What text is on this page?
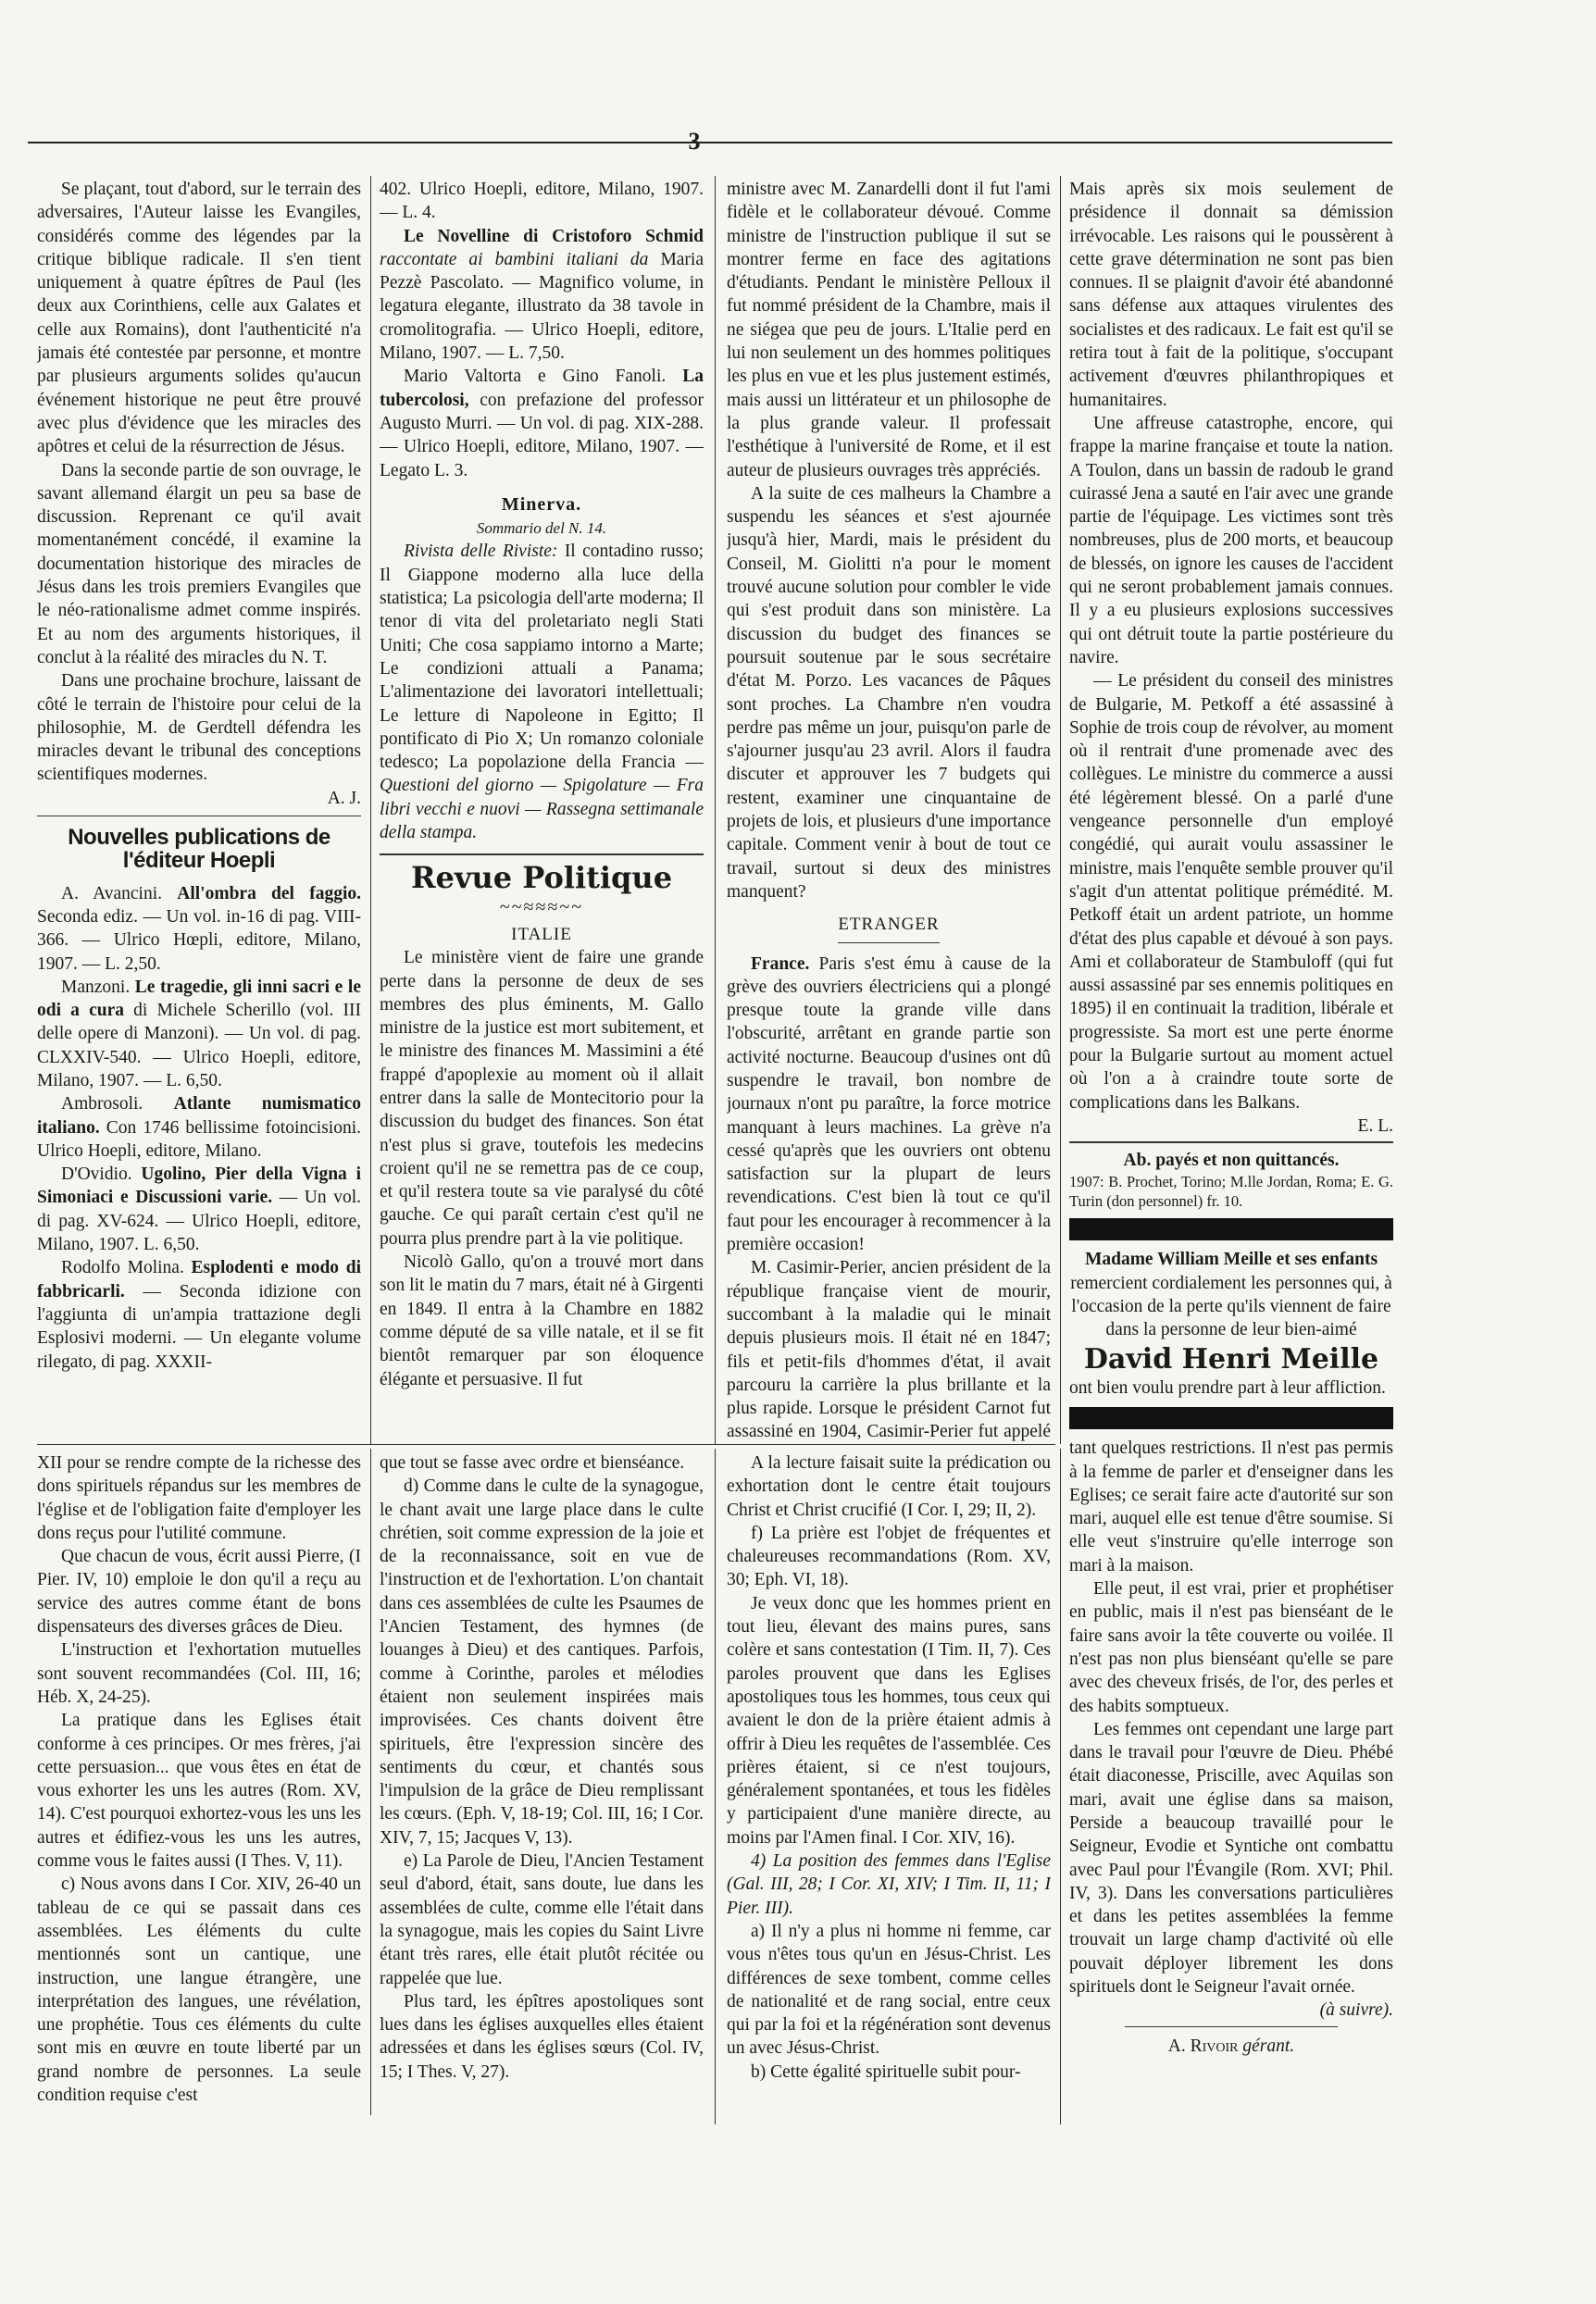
3

Se plaçant, tout d'abord, sur le terrain des adversaires, l'Auteur laisse les Evangiles, considérés comme des légendes par la critique biblique radicale. Il s'en tient uniquement à quatre épîtres de Paul (les deux aux Corinthiens, celle aux Galates et celle aux Romains), dont l'authenticité n'a jamais été contestée par personne, et montre par plusieurs arguments solides qu'aucun événement historique ne peut être prouvé avec plus d'évidence que les miracles des apôtres et celui de la résurrection de Jésus.

Dans la seconde partie de son ouvrage, le savant allemand élargit un peu sa base de discussion. Reprenant ce qu'il avait momentanément concédé, il examine la documentation historique des miracles de Jésus dans les trois premiers Evangiles que le néo-rationalisme admet comme inspirés. Et au nom des arguments historiques, il conclut à la réalité des miracles du N. T.

Dans une prochaine brochure, laissant de côté le terrain de l'histoire pour celui de la philosophie, M. de Gerdtell défendra les miracles devant le tribunal des conceptions scientifiques modernes.

A. J.

Nouvelles publications de l'éditeur Hoepli

A. Avancini. All'ombra del faggio. Seconda ediz. — Un vol. in-16 di pag. VIII-366. — Ulrico Hœpli, editore, Milano, 1907. — L. 2,50.

Manzoni. Le tragedie, gli inni sacri e le odi a cura di Michele Scherillo (vol. III delle opere di Manzoni). — Un vol. di pag. CLXXIV-540. — Ulrico Hoepli, editore, Milano, 1907. — L. 6,50.

Ambrosoli. Atlante numismatico italiano. Con 1746 bellissime fotoincisioni. Ulrico Hoepli, editore, Milano.

D'Ovidio. Ugolino, Pier della Vigna i Simoniaci e Discussioni varie. — Un vol. di pag. XV-624. — Ulrico Hoepli, editore, Milano, 1907. L. 6,50.

Rodolfo Molina. Esplodenti e modo di fabbricarli. — Seconda idizione con l'aggiunta di un'ampia trattazione degli Esplosivi moderni. — Un elegante volume rilegato, di pag. XXXII-

402. Ulrico Hoepli, editore, Milano, 1907. — L. 4.

Le Novelline di Cristoforo Schmid raccontate ai bambini italiani da Maria Pezzè Pascolato. — Magnifico volume, in legatura elegante, illustrato da 38 tavole in cromolitografia. — Ulrico Hoepli, editore, Milano, 1907. — L. 7,50.

Mario Valtorta e Gino Fanoli. La tubercolosi, con prefazione del professor Augusto Murri. — Un vol. di pag. XIX-288. — Ulrico Hoepli, editore, Milano, 1907. — Legato L. 3.

Minerva.
Sommario del N. 14.

Rivista delle Riviste: Il contadino russo; Il Giappone moderno alla luce della statistica; La psicologia dell'arte moderna; Il tenor di vita del proletariato negli Stati Uniti; Che cosa sappiamo intorno a Marte; Le condizioni attuali a Panama; L'alimentazione dei lavoratori intellettuali; Le letture di Napoleone in Egitto; Il pontificato di Pio X; Un romanzo coloniale tedesco; La popolazione della Francia — Questioni del giorno — Spigolature — Fra libri vecchi e nuovi — Rassegna settimanale della stampa.

Revue Politique
~~≈≈≈~~
ITALIE

Le ministère vient de faire une grande perte dans la personne de deux de ses membres des plus éminents, M. Gallo ministre de la justice est mort subitement, et le ministre des finances M. Massimini a été frappé d'apoplexie au moment où il allait entrer dans la salle de Montecitorio pour la discussion du budget des finances. Son état n'est plus si grave, toutefois les medecins croient qu'il ne se remettra pas de ce coup, et qu'il restera toute sa vie paralysé du côté gauche. Ce qui paraît certain c'est qu'il ne pourra plus prendre part à la vie politique.

Nicolò Gallo, qu'on a trouvé mort dans son lit le matin du 7 mars, était né à Girgenti en 1849. Il entra à la Chambre en 1882 comme député de sa ville natale, et il se fit bientôt remarquer par son éloquence élégante et persuasive. Il fut

ministre avec M. Zanardelli dont il fut l'ami fidèle et le collaborateur dévoué. Comme ministre de l'instruction publique il sut se montrer ferme en face des agitations d'étudiants. Pendant le ministère Pelloux il fut nommé président de la Chambre, mais il ne siégea que peu de jours. L'Italie perd en lui non seulement un des hommes politiques les plus en vue et les plus justement estimés, mais aussi un littérateur et un philosophe de la plus grande valeur. Il professait l'esthétique à l'université de Rome, et il est auteur de plusieurs ouvrages très appréciés.

A la suite de ces malheurs la Chambre a suspendu les séances et s'est ajournée jusqu'à hier, Mardi, mais le président du Conseil, M. Giolitti n'a pour le moment trouvé aucune solution pour combler le vide qui s'est produit dans son ministère. La discussion du budget des finances se poursuit soutenue par le sous secrétaire d'état M. Porzo. Les vacances de Pâques sont proches. La Chambre n'en voudra perdre pas même un jour, puisqu'on parle de s'ajourner jusqu'au 23 avril. Alors il faudra discuter et approuver les 7 budgets qui restent, examiner une cinquantaine de projets de lois, et plusieurs d'une importance capitale. Comment venir à bout de tout ce travail, surtout si deux des ministres manquent?

ETRANGER

France. Paris s'est ému à cause de la grève des ouvriers électriciens qui a plongé presque toute la grande ville dans l'obscurité, arrêtant en grande partie son activité nocturne. Beaucoup d'usines ont dû suspendre le travail, bon nombre de journaux n'ont pu paraître, la force motrice manquant à leurs machines. La grève n'a cessé qu'après que les ouvriers ont obtenu satisfaction sur la plupart de leurs revendications. C'est bien là tout ce qu'il faut pour les encourager à recommencer à la première occasion!

M. Casimir-Perier, ancien président de la république française vient de mourir, succombant à la maladie qui le minait depuis plusieurs mois. Il était né en 1847; fils et petit-fils d'hommes d'état, il avait parcouru la carrière la plus brillante et la plus rapide. Lorsque le président Carnot fut assassiné en 1904, Casimir-Perier fut appelé

Mais après six mois seulement de présidence il donnait sa démission irrévocable. Les raisons qui le poussèrent à cette grave détermination ne sont pas bien connues. Il se plaignit d'avoir été abandonné sans défense aux attaques virulentes des socialistes et des radicaux. Le fait est qu'il se retira tout à fait de la politique, s'occupant activement d'œuvres philanthropiques et humanitaires.

Une affreuse catastrophe, encore, qui frappe la marine française et toute la nation. A Toulon, dans un bassin de radoub le grand cuirassé Jena a sauté en l'air avec une grande partie de l'équipage. Les victimes sont très nombreuses, plus de 200 morts, et beaucoup de blessés, on ignore les causes de l'accident qui ne seront probablement jamais connues. Il y a eu plusieurs explosions successives qui ont détruit toute la partie postérieure du navire.

— Le président du conseil des ministres de Bulgarie, M. Petkoff a été assassiné à Sophie de trois coup de révolver, au moment où il rentrait d'une promenade avec des collègues. Le ministre du commerce a aussi été légèrement blessé. On a parlé d'une vengeance personnelle d'un employé congédié, qui aurait voulu assassiner le ministre, mais l'enquête semble prouver qu'il s'agit d'un attentat politique prémédité. M. Petkoff était un ardent patriote, un homme d'état des plus capable et dévoué à son pays. Ami et collaborateur de Stambuloff (qui fut aussi assassiné par ses ennemis politiques en 1895) il en continuait la tradition, libérale et progressiste. Sa mort est une perte énorme pour la Bulgarie surtout au moment actuel où l'on a à craindre toute sorte de complications dans les Balkans.

E. L.

Ab. payés et non quittancés.

1907: B. Prochet, Torino; M.lle Jordan, Roma; E. G. Turin (don personnel) fr. 10.

Madame William Meille et ses enfants remercient cordialement les personnes qui, à l'occasion de la perte qu'ils viennent de faire dans la personne de leur bien-aimé

David Henri Meille

ont bien voulu prendre part à leur affliction.

tant quelques restrictions. Il n'est pas permis à la femme de parler et d'enseigner dans les Eglises; ce serait faire acte d'autorité sur son mari, auquel elle est tenue d'être soumise. Si elle veut s'instruire qu'elle interroge son mari à la maison.

Elle peut, il est vrai, prier et prophétiser en public, mais il n'est pas bienséant de le faire sans avoir la tête couverte ou voilée. Il n'est pas non plus bienséant qu'elle se pare avec des cheveux frisés, de l'or, des perles et des habits somptueux.

Les femmes ont cependant une large part dans le travail pour l'œuvre de Dieu. Phébé était diaconesse, Priscille, avec Aquilas son mari, avait une église dans sa maison, Perside a beaucoup travaillé pour le Seigneur, Evodie et Syntiche ont combattu avec Paul pour l'Évangile (Rom. XVI; Phil. IV, 3). Dans les conversations particulières et dans les petites assemblées la femme trouvait un large champ d'activité où elle pouvait déployer librement les dons spirituels dont le Seigneur l'avait ornée.

(à suivre).

A. Rivoir gérant.

XII pour se rendre compte de la richesse des dons spirituels répandus sur les membres de l'église et de l'obligation faite d'employer les dons reçus pour l'utilité commune.

Que chacun de vous, écrit aussi Pierre, (I Pier. IV, 10) emploie le don qu'il a reçu au service des autres comme étant de bons dispensateurs des diverses grâces de Dieu.

L'instruction et l'exhortation mutuelles sont souvent recommandées (Col. III, 16; Héb. X, 24-25).

La pratique dans les Eglises était conforme à ces principes. Or mes frères, j'ai cette persuasion... que vous êtes en état de vous exhorter les uns les autres (Rom. XV, 14). C'est pourquoi exhortez-vous les uns les autres et édifiez-vous les uns les autres, comme vous le faites aussi (I Thes. V, 11).

c) Nous avons dans I Cor. XIV, 26-40 un tableau de ce qui se passait dans ces assemblées. Les éléments du culte mentionnés sont un cantique, une instruction, une langue étrangère, une interprétation des langues, une révélation, une prophétie. Tous ces éléments du culte sont mis en œuvre en toute liberté par un grand nombre de personnes. La seule condition requise c'est

que tout se fasse avec ordre et bienséance.

d) Comme dans le culte de la synagogue, le chant avait une large place dans le culte chrétien, soit comme expression de la joie et de la reconnaissance, soit en vue de l'instruction et de l'exhortation. L'on chantait dans ces assemblées de culte les Psaumes de l'Ancien Testament, des hymnes (de louanges à Dieu) et des cantiques. Parfois, comme à Corinthe, paroles et mélodies étaient non seulement inspirées mais improvisées. Ces chants doivent être spirituels, être l'expression sincère des sentiments du cœur, et chantés sous l'impulsion de la grâce de Dieu remplissant les cœurs. (Eph. V, 18-19; Col. III, 16; I Cor. XIV, 7, 15; Jacques V, 13).

e) La Parole de Dieu, l'Ancien Testament seul d'abord, était, sans doute, lue dans les assemblées de culte, comme elle l'était dans la synagogue, mais les copies du Saint Livre étant très rares, elle était plutôt récitée ou rappelée que lue.

Plus tard, les épîtres apostoliques sont lues dans les églises auxquelles elles étaient adressées et dans les églises sœurs (Col. IV, 15; I Thes. V, 27).

A la lecture faisait suite la prédication ou exhortation dont le centre était toujours Christ et Christ crucifié (I Cor. I, 29; II, 2).

f) La prière est l'objet de fréquentes et chaleureuses recommandations (Rom. XV, 30; Eph. VI, 18).

Je veux donc que les hommes prient en tout lieu, élevant des mains pures, sans colère et sans contestation (I Tim. II, 7). Ces paroles prouvent que dans les Eglises apostoliques tous les hommes, tous ceux qui avaient le don de la prière étaient admis à offrir à Dieu les requêtes de l'assemblée. Ces prières étaient, si ce n'est toujours, généralement spontanées, et tous les fidèles y participaient d'une manière directe, au moins par l'Amen final. I Cor. XIV, 16).

4) La position des femmes dans l'Eglise (Gal. III, 28; I Cor. XI, XIV; I Tim. II, 11; I Pier. III).

a) Il n'y a plus ni homme ni femme, car vous n'êtes tous qu'un en Jésus-Christ. Les différences de sexe tombent, comme celles de nationalité et de rang social, entre ceux qui par la foi et la régénération sont devenus un avec Jésus-Christ.

b) Cette égalité spirituelle subit pour-
